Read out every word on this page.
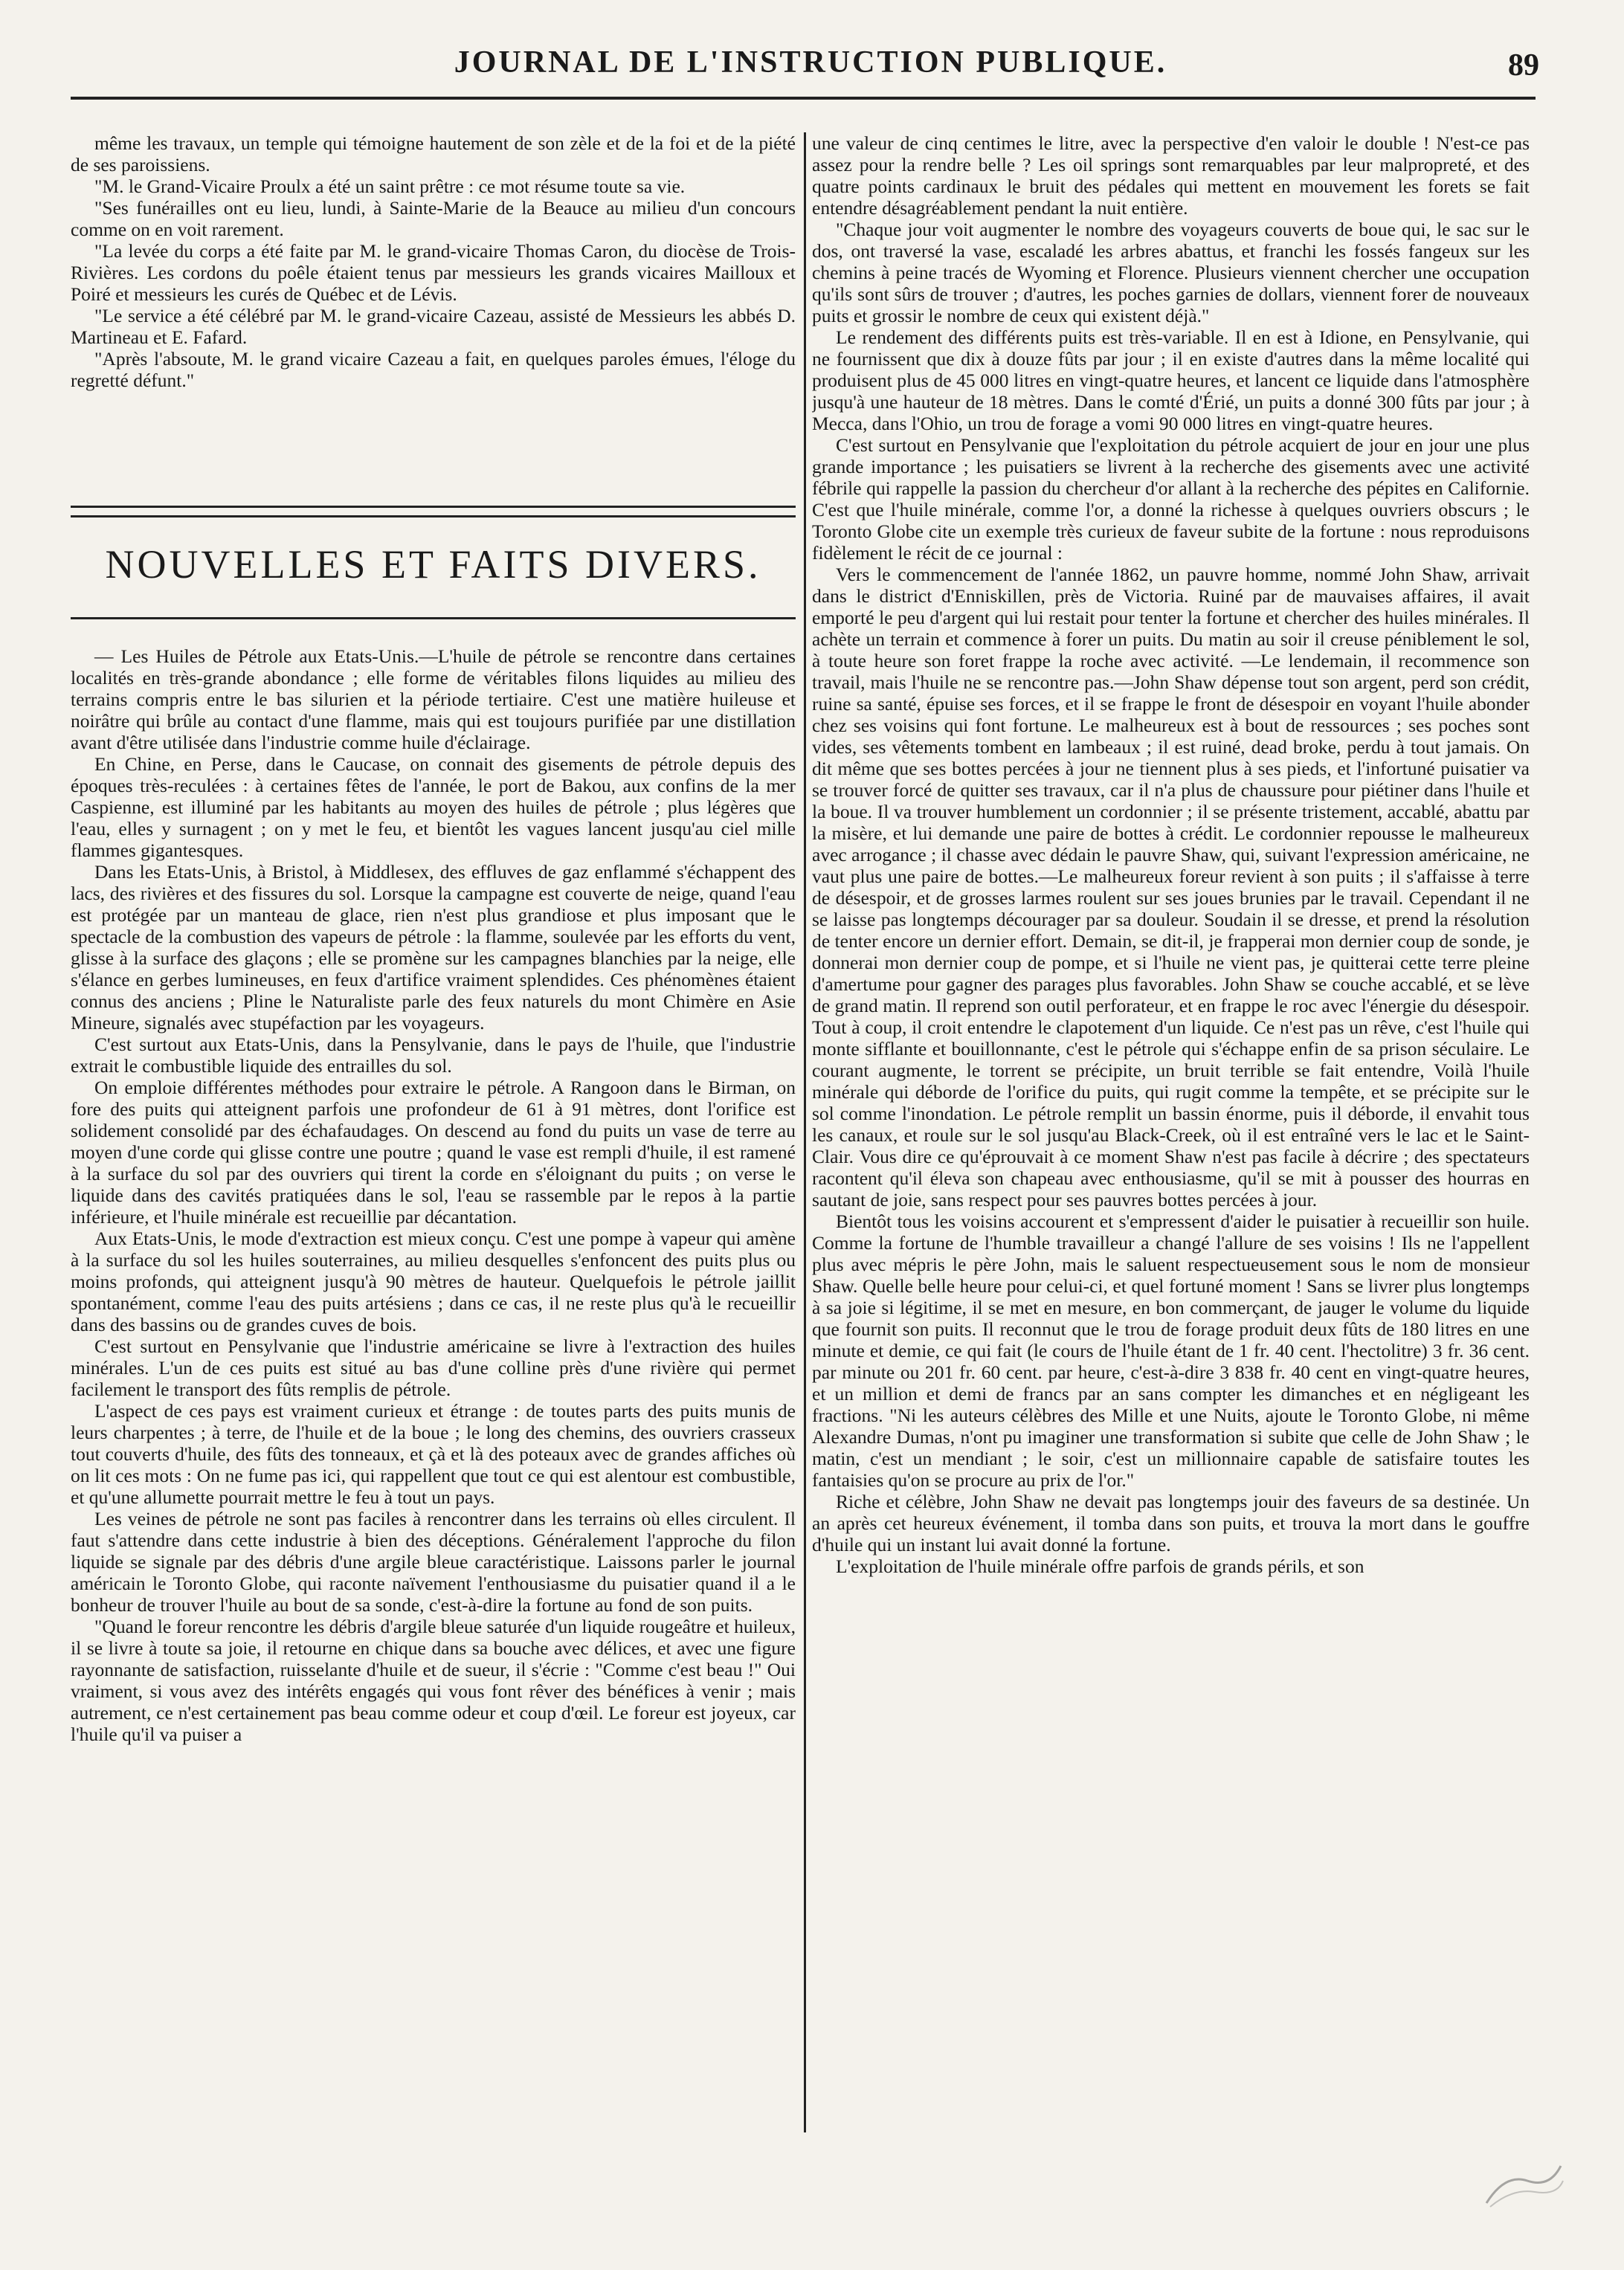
JOURNAL DE L'INSTRUCTION PUBLIQUE.	89

même les travaux, un temple qui témoigne hautement de son zèle et de la foi et de la piété de ses paroissiens.

"M. le Grand-Vicaire Proulx a été un saint prêtre : ce mot résume toute sa vie.

"Ses funérailles ont eu lieu, lundi, à Sainte-Marie de la Beauce au milieu d'un concours comme on en voit rarement.

"La levée du corps a été faite par M. le grand-vicaire Thomas Caron, du diocèse de Trois-Rivières. Les cordons du poêle étaient tenus par messieurs les grands vicaires Mailloux et Poiré et messieurs les curés de Québec et de Lévis.

"Le service a été célébré par M. le grand-vicaire Cazeau, assisté de Messieurs les abbés D. Martineau et E. Fafard.

"Après l'absoute, M. le grand vicaire Cazeau a fait, en quelques paroles émues, l'éloge du regretté défunt."

NOUVELLES ET FAITS DIVERS.

— Les Huiles de Pétrole aux Etats-Unis.—L'huile de pétrole se rencontre dans certaines localités en très-grande abondance ; elle forme de véritables filons liquides au milieu des terrains compris entre le bas silurien et la période tertiaire. C'est une matière huileuse et noirâtre qui brûle au contact d'une flamme, mais qui est toujours purifiée par une distillation avant d'être utilisée dans l'industrie comme huile d'éclairage.

En Chine, en Perse, dans le Caucase, on connait des gisements de pétrole depuis des époques très-reculées : à certaines fêtes de l'année, le port de Bakou, aux confins de la mer Caspienne, est illuminé par les habitants au moyen des huiles de pétrole ; plus légères que l'eau, elles y surnagent ; on y met le feu, et bientôt les vagues lancent jusqu'au ciel mille flammes gigantesques.

Dans les Etats-Unis, à Bristol, à Middlesex, des effluves de gaz enflammé s'échappent des lacs, des rivières et des fissures du sol. Lorsque la campagne est couverte de neige, quand l'eau est protégée par un manteau de glace, rien n'est plus grandiose et plus imposant que le spectacle de la combustion des vapeurs de pétrole : la flamme, soulevée par les efforts du vent, glisse à la surface des glaçons ; elle se promène sur les campagnes blanchies par la neige, elle s'élance en gerbes lumineuses, en feux d'artifice vraiment splendides. Ces phénomènes étaient connus des anciens ; Pline le Naturaliste parle des feux naturels du mont Chimère en Asie Mineure, signalés avec stupéfaction par les voyageurs.

C'est surtout aux Etats-Unis, dans la Pensylvanie, dans le pays de l'huile, que l'industrie extrait le combustible liquide des entrailles du sol.

On emploie différentes méthodes pour extraire le pétrole. A Rangoon dans le Birman, on fore des puits qui atteignent parfois une profondeur de 61 à 91 mètres, dont l'orifice est solidement consolidé par des échafaudages. On descend au fond du puits un vase de terre au moyen d'une corde qui glisse contre une poutre ; quand le vase est rempli d'huile, il est ramené à la surface du sol par des ouvriers qui tirent la corde en s'éloignant du puits ; on verse le liquide dans des cavités pratiquées dans le sol, l'eau se rassemble par le repos à la partie inférieure, et l'huile minérale est recueillie par décantation.

Aux Etats-Unis, le mode d'extraction est mieux conçu. C'est une pompe à vapeur qui amène à la surface du sol les huiles souterraines, au milieu desquelles s'enfoncent des puits plus ou moins profonds, qui atteignent jusqu'à 90 mètres de hauteur. Quelquefois le pétrole jaillit spontanément, comme l'eau des puits artésiens ; dans ce cas, il ne reste plus qu'à le recueillir dans des bassins ou de grandes cuves de bois.

C'est surtout en Pensylvanie que l'industrie américaine se livre à l'extraction des huiles minérales. L'un de ces puits est situé au bas d'une colline près d'une rivière qui permet facilement le transport des fûts remplis de pétrole.

L'aspect de ces pays est vraiment curieux et étrange : de toutes parts des puits munis de leurs charpentes ; à terre, de l'huile et de la boue ; le long des chemins, des ouvriers crasseux tout couverts d'huile, des fûts des tonneaux, et çà et là des poteaux avec de grandes affiches où on lit ces mots : On ne fume pas ici, qui rappellent que tout ce qui est alentour est combustible, et qu'une allumette pourrait mettre le feu à tout un pays.

Les veines de pétrole ne sont pas faciles à rencontrer dans les terrains où elles circulent. Il faut s'attendre dans cette industrie à bien des déceptions. Généralement l'approche du filon liquide se signale par des débris d'une argile bleue caractéristique. Laissons parler le journal américain le Toronto Globe, qui raconte naïvement l'enthousiasme du puisatier quand il a le bonheur de trouver l'huile au bout de sa sonde, c'est-à-dire la fortune au fond de son puits.

"Quand le foreur rencontre les débris d'argile bleue saturée d'un liquide rougeâtre et huileux, il se livre à toute sa joie, il retourne en chique dans sa bouche avec délices, et avec une figure rayonnante de satisfaction, ruisselante d'huile et de sueur, il s'écrie : "Comme c'est beau !" Oui vraiment, si vous avez des intérêts engagés qui vous font rêver des bénéfices à venir ; mais autrement, ce n'est certainement pas beau comme odeur et coup d'œil. Le foreur est joyeux, car l'huile qu'il va puiser a

une valeur de cinq centimes le litre, avec la perspective d'en valoir le double ! N'est-ce pas assez pour la rendre belle ? Les oil springs sont remarquables par leur malpropreté, et des quatre points cardinaux le bruit des pédales qui mettent en mouvement les forets se fait entendre désagréablement pendant la nuit entière.

"Chaque jour voit augmenter le nombre des voyageurs couverts de boue qui, le sac sur le dos, ont traversé la vase, escaladé les arbres abattus, et franchi les fossés fangeux sur les chemins à peine tracés de Wyoming et Florence. Plusieurs viennent chercher une occupation qu'ils sont sûrs de trouver ; d'autres, les poches garnies de dollars, viennent forer de nouveaux puits et grossir le nombre de ceux qui existent déjà."

Le rendement des différents puits est très-variable. Il en est à Idione, en Pensylvanie, qui ne fournissent que dix à douze fûts par jour ; il en existe d'autres dans la même localité qui produisent plus de 45 000 litres en vingt-quatre heures, et lancent ce liquide dans l'atmosphère jusqu'à une hauteur de 18 mètres. Dans le comté d'Érié, un puits a donné 300 fûts par jour ; à Mecca, dans l'Ohio, un trou de forage a vomi 90 000 litres en vingt-quatre heures.

C'est surtout en Pensylvanie que l'exploitation du pétrole acquiert de jour en jour une plus grande importance ; les puisatiers se livrent à la recherche des gisements avec une activité fébrile qui rappelle la passion du chercheur d'or allant à la recherche des pépites en Californie. C'est que l'huile minérale, comme l'or, a donné la richesse à quelques ouvriers obscurs ; le Toronto Globe cite un exemple très curieux de faveur subite de la fortune : nous reproduisons fidèlement le récit de ce journal :

Vers le commencement de l'année 1862, un pauvre homme, nommé John Shaw, arrivait dans le district d'Enniskillen, près de Victoria. Ruiné par de mauvaises affaires, il avait emporté le peu d'argent qui lui restait pour tenter la fortune et chercher des huiles minérales. Il achète un terrain et commence à forer un puits. Du matin au soir il creuse péniblement le sol, à toute heure son foret frappe la roche avec activité. —Le lendemain, il recommence son travail, mais l'huile ne se rencontre pas.—John Shaw dépense tout son argent, perd son crédit, ruine sa santé, épuise ses forces, et il se frappe le front de désespoir en voyant l'huile abonder chez ses voisins qui font fortune. Le malheureux est à bout de ressources ; ses poches sont vides, ses vêtements tombent en lambeaux ; il est ruiné, dead broke, perdu à tout jamais. On dit même que ses bottes percées à jour ne tiennent plus à ses pieds, et l'infortuné puisatier va se trouver forcé de quitter ses travaux, car il n'a plus de chaussure pour piétiner dans l'huile et la boue. Il va trouver humblement un cordonnier ; il se présente tristement, accablé, abattu par la misère, et lui demande une paire de bottes à crédit. Le cordonnier repousse le malheureux avec arrogance ; il chasse avec dédain le pauvre Shaw, qui, suivant l'expression américaine, ne vaut plus une paire de bottes.—Le malheureux foreur revient à son puits ; il s'affaisse à terre de désespoir, et de grosses larmes roulent sur ses joues brunies par le travail. Cependant il ne se laisse pas longtemps décourager par sa douleur. Soudain il se dresse, et prend la résolution de tenter encore un dernier effort. Demain, se dit-il, je frapperai mon dernier coup de sonde, je donnerai mon dernier coup de pompe, et si l'huile ne vient pas, je quitterai cette terre pleine d'amertume pour gagner des parages plus favorables. John Shaw se couche accablé, et se lève de grand matin. Il reprend son outil perforateur, et en frappe le roc avec l'énergie du désespoir. Tout à coup, il croit entendre le clapotement d'un liquide. Ce n'est pas un rêve, c'est l'huile qui monte sifflante et bouillonnante, c'est le pétrole qui s'échappe enfin de sa prison séculaire. Le courant augmente, le torrent se précipite, un bruit terrible se fait entendre, Voilà l'huile minérale qui déborde de l'orifice du puits, qui rugit comme la tempête, et se précipite sur le sol comme l'inondation. Le pétrole remplit un bassin énorme, puis il déborde, il envahit tous les canaux, et roule sur le sol jusqu'au Black-Creek, où il est entraîné vers le lac et le Saint-Clair. Vous dire ce qu'éprouvait à ce moment Shaw n'est pas facile à décrire ; des spectateurs racontent qu'il éleva son chapeau avec enthousiasme, qu'il se mit à pousser des hourras en sautant de joie, sans respect pour ses pauvres bottes percées à jour.

Bientôt tous les voisins accourent et s'empressent d'aider le puisatier à recueillir son huile. Comme la fortune de l'humble travailleur a changé l'allure de ses voisins ! Ils ne l'appellent plus avec mépris le père John, mais le saluent respectueusement sous le nom de monsieur Shaw. Quelle belle heure pour celui-ci, et quel fortuné moment ! Sans se livrer plus longtemps à sa joie si légitime, il se met en mesure, en bon commerçant, de jauger le volume du liquide que fournit son puits. Il reconnut que le trou de forage produit deux fûts de 180 litres en une minute et demie, ce qui fait (le cours de l'huile étant de 1 fr. 40 cent. l'hectolitre) 3 fr. 36 cent. par minute ou 201 fr. 60 cent. par heure, c'est-à-dire 3 838 fr. 40 cent en vingt-quatre heures, et un million et demi de francs par an sans compter les dimanches et en négligeant les fractions. "Ni les auteurs célèbres des Mille et une Nuits, ajoute le Toronto Globe, ni même Alexandre Dumas, n'ont pu imaginer une transformation si subite que celle de John Shaw ; le matin, c'est un mendiant ; le soir, c'est un millionnaire capable de satisfaire toutes les fantaisies qu'on se procure au prix de l'or."

Riche et célèbre, John Shaw ne devait pas longtemps jouir des faveurs de sa destinée. Un an après cet heureux événement, il tomba dans son puits, et trouva la mort dans le gouffre d'huile qui un instant lui avait donné la fortune.

L'exploitation de l'huile minérale offre parfois de grands périls, et son
